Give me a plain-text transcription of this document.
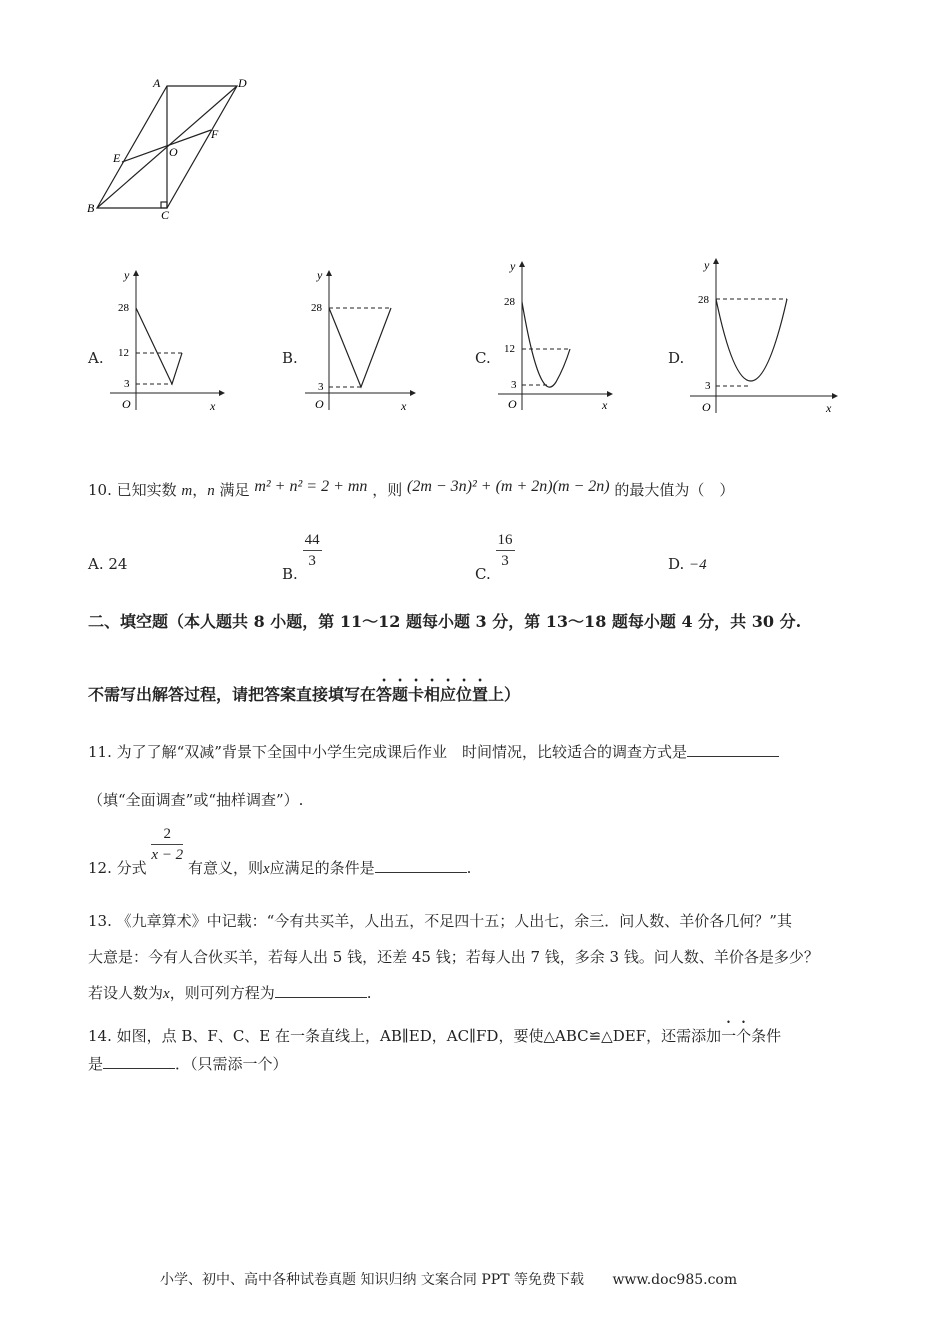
A	D
E
F
O
B	C
A.
28
12
3
y
x
O
B.
28
3
y
x
O
C.
28
12
3
y
x
O
D.
28
3
y
x
O
10. 已知实数 m，n 满足 m² + n² = 2 + mn ，则 (2m − 3n)² + (m + 2n)(m − 2n) 的最大值为（　）
A. 24
B.
$\frac{44}{3}$
C.
$\frac{16}{3}$	D. −4
二、填空题（本人题共 8 小题，第 11～12 题每小题 3 分，第 13～18 题每小题 4 分，共 30 分.
不需写出解答过程，请把答案直接填写在答题卡相应位置上）
11. 为了了解“双减”背景下全国中小学生完成课后作业　时间情况，比较适合的调查方式是
（填“全面调查”或“抽样调查”）.
12. 分式
$\frac{2}{x - 2}$
有意义，则x应满足的条件是	.
13. 《九章算术》中记载：“今有共买羊，人出五，不足四十五；人出七，余三．问人数、羊价各几何？”其
大意是：今有人合伙买羊，若每人出 5 钱，还差 45 钱；若每人出 7 钱，多余 3 钱。问人数、羊价各是多少？
若设人数为x，则可列方程为	.
14. 如图，点 B、F、C、E 在一条直线上，AB∥ED，AC∥FD，要使△ABC≌△DEF，还需添加一个条件
是	．（只需添一个）
小学、初中、高中各种试卷真题 知识归纳 文案合同 PPT 等免费下载 www.doc985.com
